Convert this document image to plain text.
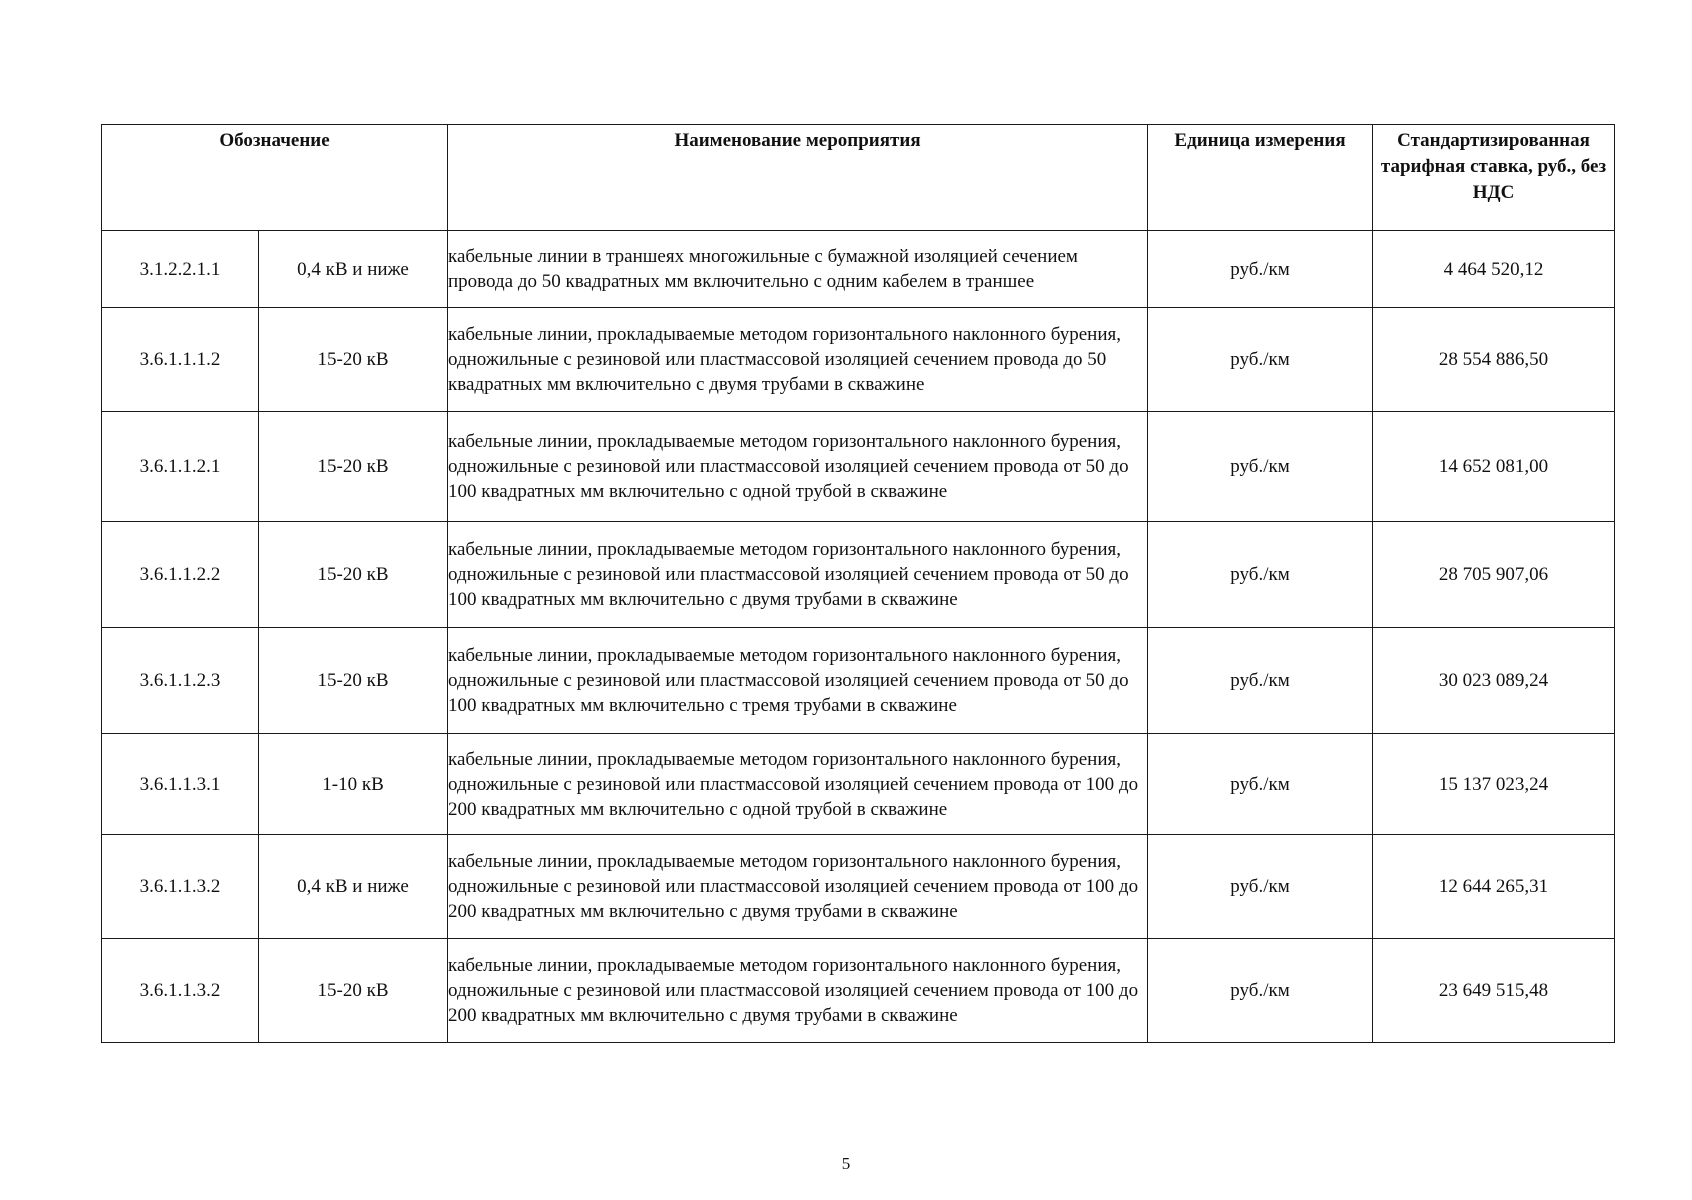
Обозначение		Наименование мероприятия	Единица измерения	Стандартизированная тарифная ставка, руб., без НДС
3.1.2.2.1.1	0,4 кВ и ниже	кабельные линии в траншеях многожильные с бумажной изоляцией сечением провода до 50 квадратных мм включительно с одним кабелем в траншее	руб./км	4 464 520,12
3.6.1.1.1.2	15-20 кВ	кабельные линии, прокладываемые методом горизонтального наклонного бурения, одножильные с резиновой или пластмассовой изоляцией сечением провода до 50 квадратных мм включительно с двумя трубами в скважине	руб./км	28 554 886,50
3.6.1.1.2.1	15-20 кВ	кабельные линии, прокладываемые методом горизонтального наклонного бурения, одножильные с резиновой или пластмассовой изоляцией сечением провода от 50 до 100 квадратных мм включительно с одной трубой в скважине	руб./км	14 652 081,00
3.6.1.1.2.2	15-20 кВ	кабельные линии, прокладываемые методом горизонтального наклонного бурения, одножильные с резиновой или пластмассовой изоляцией сечением провода от 50 до 100 квадратных мм включительно с двумя трубами в скважине	руб./км	28 705 907,06
3.6.1.1.2.3	15-20 кВ	кабельные линии, прокладываемые методом горизонтального наклонного бурения, одножильные с резиновой или пластмассовой изоляцией сечением провода от 50 до 100 квадратных мм включительно с тремя трубами в скважине	руб./км	30 023 089,24
3.6.1.1.3.1	1-10 кВ	кабельные линии, прокладываемые методом горизонтального наклонного бурения, одножильные с резиновой или пластмассовой изоляцией сечением провода от 100 до 200 квадратных мм включительно с одной трубой в скважине	руб./км	15 137 023,24
3.6.1.1.3.2	0,4 кВ и ниже	кабельные линии, прокладываемые методом горизонтального наклонного бурения, одножильные с резиновой или пластмассовой изоляцией сечением провода от 100 до 200 квадратных мм включительно с двумя трубами в скважине	руб./км	12 644 265,31
3.6.1.1.3.2	15-20 кВ	кабельные линии, прокладываемые методом горизонтального наклонного бурения, одножильные с резиновой или пластмассовой изоляцией сечением провода от 100 до 200 квадратных мм включительно с двумя трубами в скважине	руб./км	23 649 515,48
5
